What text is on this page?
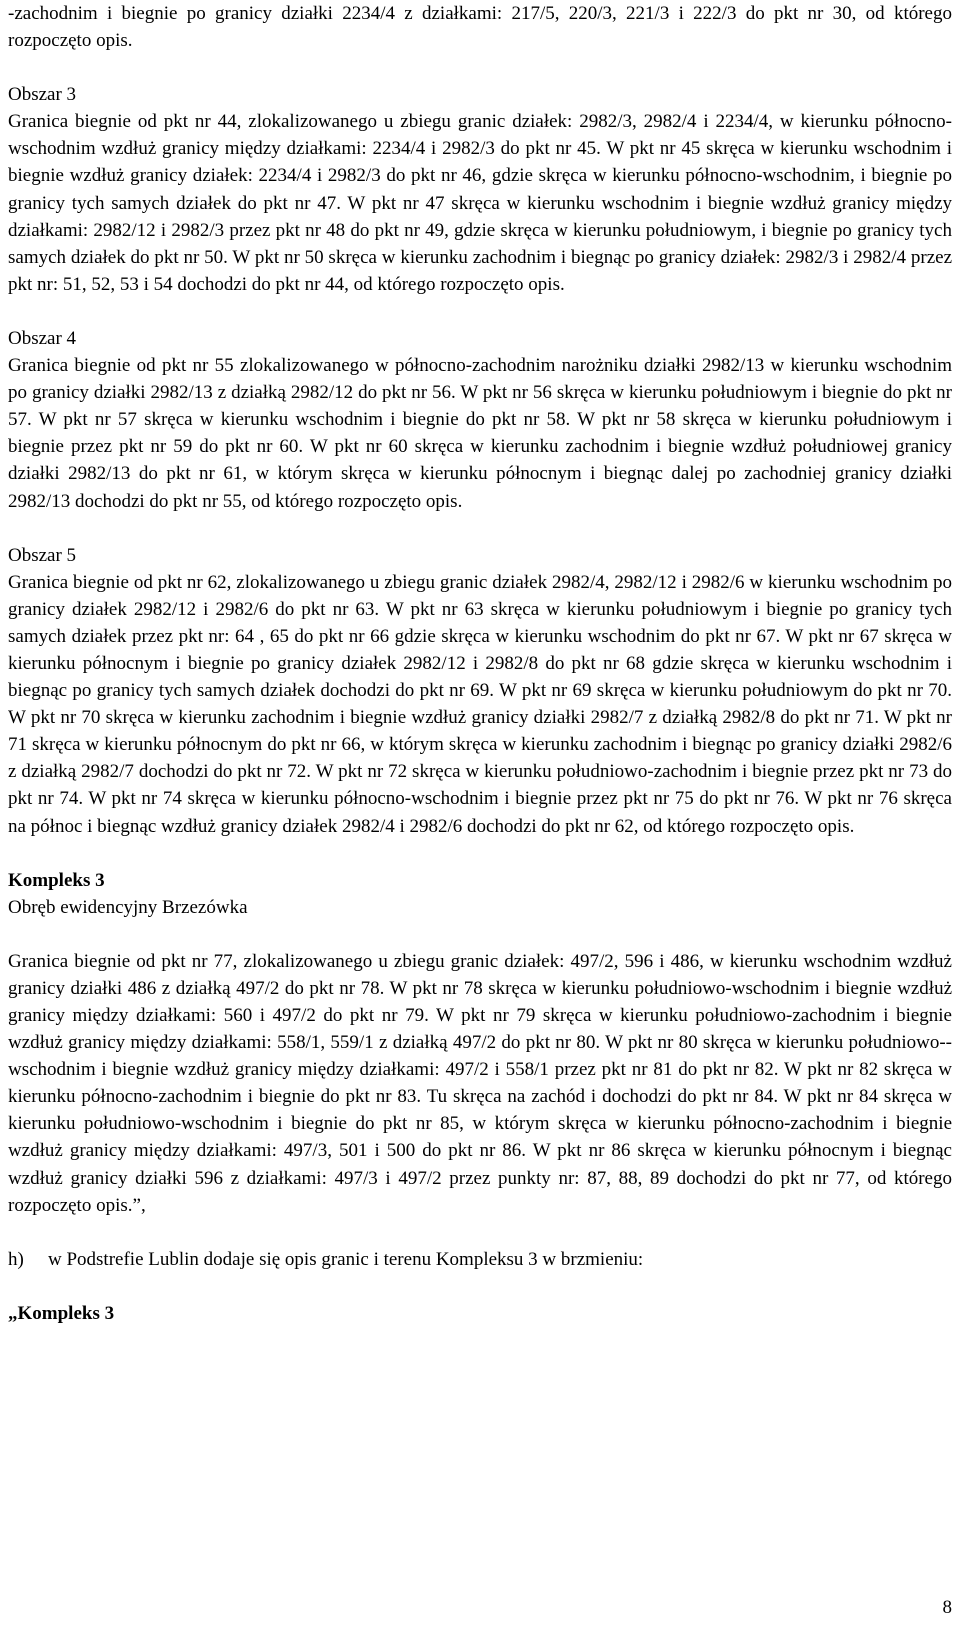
-zachodnim i biegnie po granicy działki 2234/4 z działkami: 217/5, 220/3, 221/3 i 222/3 do pkt nr 30, od którego rozpoczęto opis.

Obszar 3

Granica biegnie od pkt nr 44, zlokalizowanego u zbiegu granic działek: 2982/3, 2982/4 i 2234/4, w kierunku północno-wschodnim wzdłuż granicy między działkami: 2234/4 i 2982/3 do pkt nr 45. W pkt nr 45 skręca w kierunku wschodnim i biegnie wzdłuż granicy działek: 2234/4 i 2982/3 do pkt nr 46, gdzie skręca w kierunku północno-wschodnim, i biegnie po granicy tych samych działek do pkt nr 47. W pkt nr 47 skręca w kierunku wschodnim i biegnie wzdłuż granicy między działkami: 2982/12 i 2982/3 przez pkt nr 48 do pkt nr 49, gdzie skręca w kierunku południowym, i biegnie po granicy tych samych działek do pkt nr 50. W pkt nr 50 skręca w kierunku zachodnim i biegnąc po granicy działek: 2982/3 i 2982/4 przez pkt nr: 51, 52, 53 i 54 dochodzi do pkt nr 44, od którego rozpoczęto opis.

Obszar 4

Granica biegnie od pkt nr 55 zlokalizowanego w północno-zachodnim narożniku działki 2982/13 w kierunku wschodnim po granicy działki 2982/13 z działką 2982/12 do pkt nr 56. W pkt nr 56 skręca w kierunku południowym i biegnie do pkt nr 57. W pkt nr 57 skręca w kierunku wschodnim i biegnie do pkt nr 58. W pkt nr 58 skręca w kierunku południowym i biegnie przez pkt nr 59 do pkt nr 60. W pkt nr 60 skręca w kierunku zachodnim i biegnie wzdłuż południowej granicy działki 2982/13 do pkt nr 61, w którym skręca w kierunku północnym i biegnąc dalej po zachodniej granicy działki 2982/13 dochodzi do pkt nr 55, od którego rozpoczęto opis.

Obszar 5

Granica biegnie od pkt nr 62, zlokalizowanego u zbiegu granic działek 2982/4, 2982/12 i 2982/6 w kierunku wschodnim po granicy działek 2982/12 i 2982/6 do pkt nr 63. W pkt nr 63 skręca w kierunku południowym i biegnie po granicy tych samych działek przez pkt nr: 64 , 65 do pkt nr 66 gdzie skręca w kierunku wschodnim do pkt nr 67. W pkt nr 67 skręca w kierunku północnym i biegnie po granicy działek 2982/12 i 2982/8 do pkt nr 68 gdzie skręca w kierunku wschodnim i biegnąc po granicy tych samych działek dochodzi do pkt nr 69. W pkt nr 69 skręca w kierunku południowym do pkt nr 70. W pkt nr 70 skręca w kierunku zachodnim i biegnie wzdłuż granicy działki 2982/7 z działką 2982/8 do pkt nr 71. W pkt nr 71 skręca w kierunku północnym do pkt nr 66, w którym skręca w kierunku zachodnim i biegnąc po granicy działki 2982/6 z działką 2982/7 dochodzi do pkt nr 72. W pkt nr 72 skręca w kierunku południowo-zachodnim i biegnie przez pkt nr 73 do pkt nr 74. W pkt nr 74 skręca w kierunku północno-wschodnim i biegnie przez pkt nr 75 do pkt nr 76. W pkt nr 76 skręca na północ i biegnąc wzdłuż granicy działek 2982/4 i 2982/6 dochodzi do pkt nr 62, od którego rozpoczęto opis.

Kompleks 3

Obręb ewidencyjny Brzezówka

Granica biegnie od pkt nr 77, zlokalizowanego u zbiegu granic działek: 497/2, 596 i 486, w kierunku wschodnim wzdłuż granicy działki 486 z działką 497/2 do pkt nr 78. W pkt nr 78 skręca w kierunku południowo-wschodnim i biegnie wzdłuż granicy między działkami: 560 i 497/2 do pkt nr 79. W pkt nr 79 skręca w kierunku południowo-zachodnim i biegnie wzdłuż granicy między działkami: 558/1, 559/1 z działką 497/2 do pkt nr 80. W pkt nr 80 skręca w kierunku południowo--wschodnim i biegnie wzdłuż granicy między działkami: 497/2 i 558/1 przez pkt nr 81 do pkt nr 82. W pkt nr 82 skręca w kierunku północno-zachodnim i biegnie do pkt nr 83. Tu skręca na zachód i dochodzi do pkt nr 84. W pkt nr 84 skręca w kierunku południowo-wschodnim i biegnie do pkt nr 85, w którym skręca w kierunku północno-zachodnim i biegnie wzdłuż granicy między działkami: 497/3, 501 i 500 do pkt nr 86. W pkt nr 86 skręca w kierunku północnym i biegnąc wzdłuż granicy działki 596 z działkami: 497/3 i 497/2 przez punkty nr: 87, 88, 89 dochodzi do pkt nr 77, od którego rozpoczęto opis.”,

h)	w Podstrefie Lublin dodaje się opis granic i terenu Kompleksu 3 w brzmieniu:

„Kompleks 3

8
